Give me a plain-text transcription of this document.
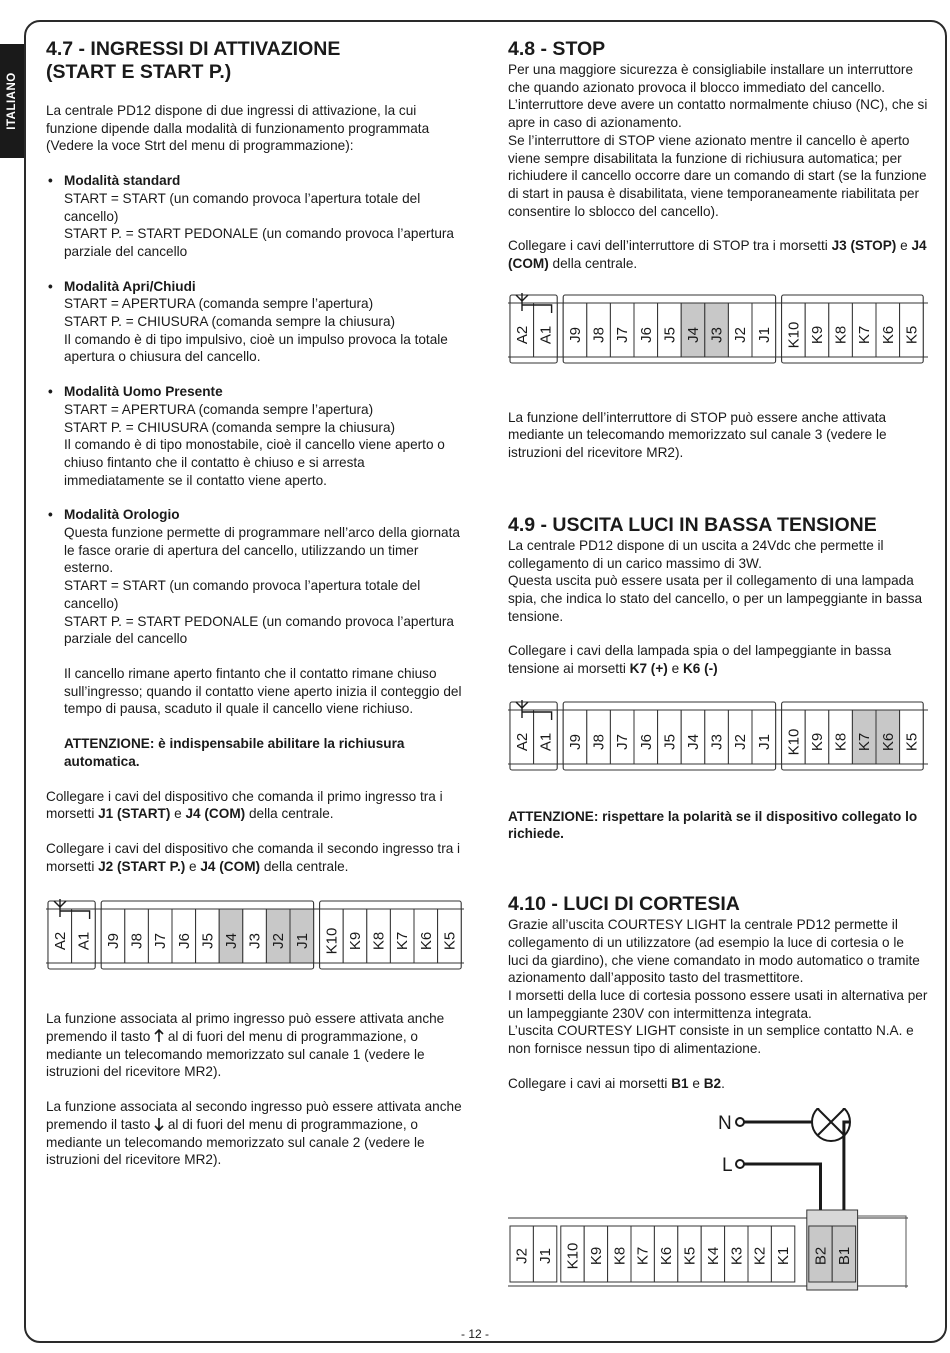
ITALIANO
4.7 - INGRESSI DI ATTIVAZIONE
(START E START P.)

La centrale PD12 dispone di due ingressi di attivazione, la cui funzione dipende dalla modalità di funzionamento programmata (Vedere la voce Strt del menu di programmazione):

• Modalità standard
START = START (un comando provoca l’apertura totale del cancello)
START P. = START PEDONALE (un comando provoca l’apertura parziale del cancello
• Modalità Apri/Chiudi
START = APERTURA (comanda sempre l’apertura)
START P. = CHIUSURA (comanda sempre la chiusura)
Il comando è di tipo impulsivo, cioè un impulso provoca la totale apertura o chiusura del cancello.
• Modalità Uomo Presente
START = APERTURA (comanda sempre l’apertura)
START P. = CHIUSURA (comanda sempre la chiusura)
Il comando è di tipo monostabile, cioè il cancello viene aperto o chiuso fintanto che il contatto è chiuso e si arresta immediatamente se il contatto viene aperto.
• Modalità Orologio
Questa funzione permette di programmare nell’arco della giornata le fasce orarie di apertura del cancello, utilizzando un timer esterno.
START = START (un comando provoca l’apertura totale del cancello)
START P. = START PEDONALE (un comando provoca l’apertura parziale del cancello

Il cancello rimane aperto fintanto che il contatto rimane chiuso sull’ingresso; quando il contatto viene aperto inizia il conteggio del tempo di pausa, scaduto il quale il cancello viene richiuso.

ATTENZIONE: è indispensabile abilitare la richiusura automatica.

Collegare i cavi del dispositivo che comanda il primo ingresso tra i morsetti J1 (START) e J4 (COM) della centrale.

Collegare i cavi del dispositivo che comanda il secondo ingresso tra i morsetti J2 (START P.) e J4 (COM) della centrale.

A2 A1 J9 J8 J7 J6 J5 J4 J3 J2 J1 K10 K9 K8 K7 K6 K5

La funzione associata al primo ingresso può essere attivata anche premendo il tasto  al di fuori del menu di programmazione, o mediante un telecomando memorizzato sul canale 1 (vedere le istruzioni del ricevitore MR2).

La funzione associata al secondo ingresso può essere attivata anche premendo il tasto  al di fuori del menu di programmazione, o mediante un telecomando memorizzato sul canale 2 (vedere le istruzioni del ricevitore MR2).

4.8 - STOP

Per una maggiore sicurezza è consigliabile installare un interruttore che quando azionato provoca il blocco immediato del cancello. L’interruttore deve avere un contatto normalmente chiuso (NC), che si apre in caso di azionamento.

Se l’interruttore di STOP viene azionato mentre il cancello è aperto viene sempre disabilitata la funzione di richiusura automatica; per richiudere il cancello occorre dare un comando di start (se la funzione di start in pausa è disabilitata, viene temporaneamente riabilitata per consentire lo sblocco del cancello).

Collegare i cavi dell’interruttore di STOP tra i morsetti J3 (STOP) e J4 (COM) della centrale.

A2 A1 J9 J8 J7 J6 J5 J4 J3 J2 J1 K10 K9 K8 K7 K6 K5

La funzione dell’interruttore di STOP può essere anche attivata mediante un telecomando memorizzato sul canale 3 (vedere le istruzioni del ricevitore MR2).

4.9 - USCITA LUCI IN BASSA TENSIONE

La centrale PD12 dispone di un uscita a 24Vdc che permette il collegamento di un carico massimo di 3W.

Questa uscita può essere usata per il collegamento di una lampada spia, che indica lo stato del cancello, o per un lampeggiante in bassa tensione.

Collegare i cavi della lampada spia o del lampeggiante in bassa tensione ai morsetti K7 (+) e K6 (-)

A2 A1 J9 J8 J7 J6 J5 J4 J3 J2 J1 K10 K9 K8 K7 K6 K5

ATTENZIONE: rispettare la polarità se il dispositivo collegato lo richiede.

4.10 - LUCI DI CORTESIA

Grazie all’uscita COURTESY LIGHT la centrale PD12 permette il collegamento di un utilizzatore (ad esempio la luce di cortesia o le luci da giardino), che viene comandato in modo automatico o tramite azionamento dall’apposito tasto del trasmettitore.

I morsetti della luce di cortesia possono essere usati in alternativa per un lampeggiante 230V con intermittenza integrata.

L’uscita COURTESY LIGHT consiste in un semplice contatto N.A. e non fornisce nessun tipo di alimentazione.

Collegare i cavi ai morsetti B1 e B2.

J2 J1 K10 K9 K8 K7 K6 K5 K4 K3 K2 K1 B2 B1
N
L
- 12 -
